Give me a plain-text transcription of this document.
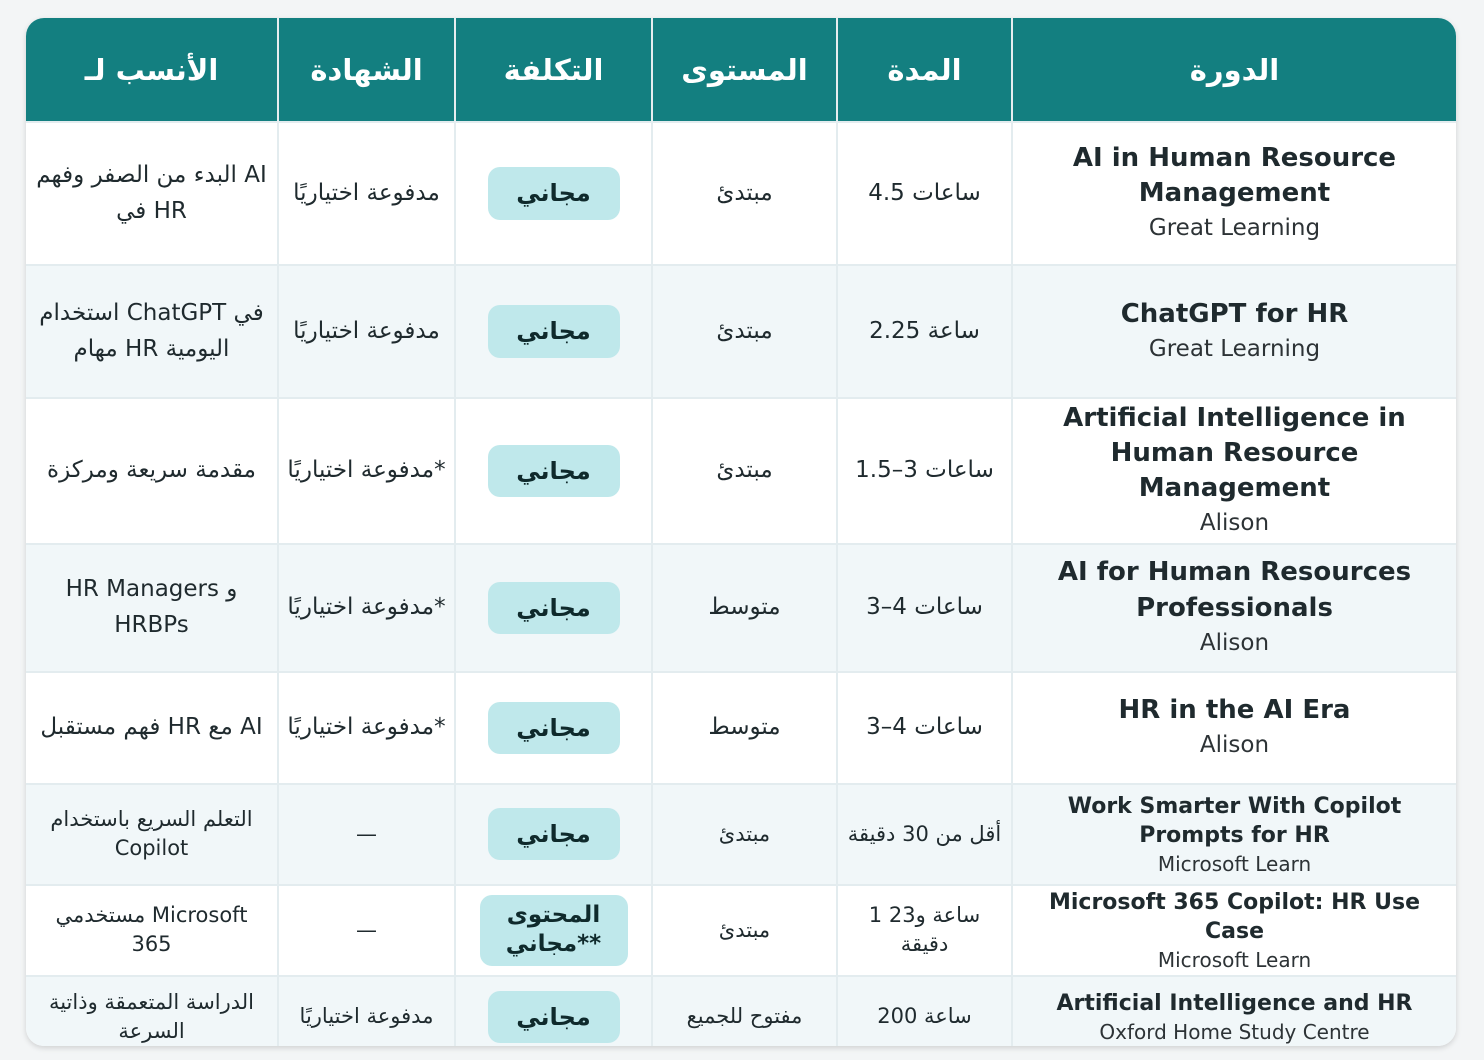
الأنسب لـ	الشهادة	التكلفة	المستوى	المدة	الدورة
البدء من الصفر وفهم AI في HR	مدفوعة اختياريًا	مجاني	مبتدئ	4.5 ساعات	AI in Human Resource Management
Great Learning

استخدام ChatGPT في مهام HR اليومية	مدفوعة اختياريًا	مجاني	مبتدئ	2.25 ساعة	ChatGPT for HR
Great Learning

مقدمة سريعة ومركزة	مدفوعة اختياريًا*	مجاني	مبتدئ	1.5–3 ساعات	Artificial Intelligence in Human Resource Management
Alison

HR Managers و HRBPs	مدفوعة اختياريًا*	مجاني	متوسط	3–4 ساعات	AI for Human Resources Professionals
Alison

فهم مستقبل HR مع AI	مدفوعة اختياريًا*	مجاني	متوسط	3–4 ساعات	HR in the AI Era
Alison

التعلم السريع باستخدام Copilot	—	مجاني	مبتدئ	أقل من 30 دقيقة	Work Smarter With Copilot Prompts for HR
Microsoft Learn

مستخدمي Microsoft 365	—	المحتوى مجاني**	مبتدئ	1 ساعة و23 دقيقة	Microsoft 365 Copilot: HR Use Case
Microsoft Learn

الدراسة المتعمقة وذاتية السرعة	مدفوعة اختياريًا	مجاني	مفتوح للجميع	200 ساعة	Artificial Intelligence and HR
Oxford Home Study Centre
